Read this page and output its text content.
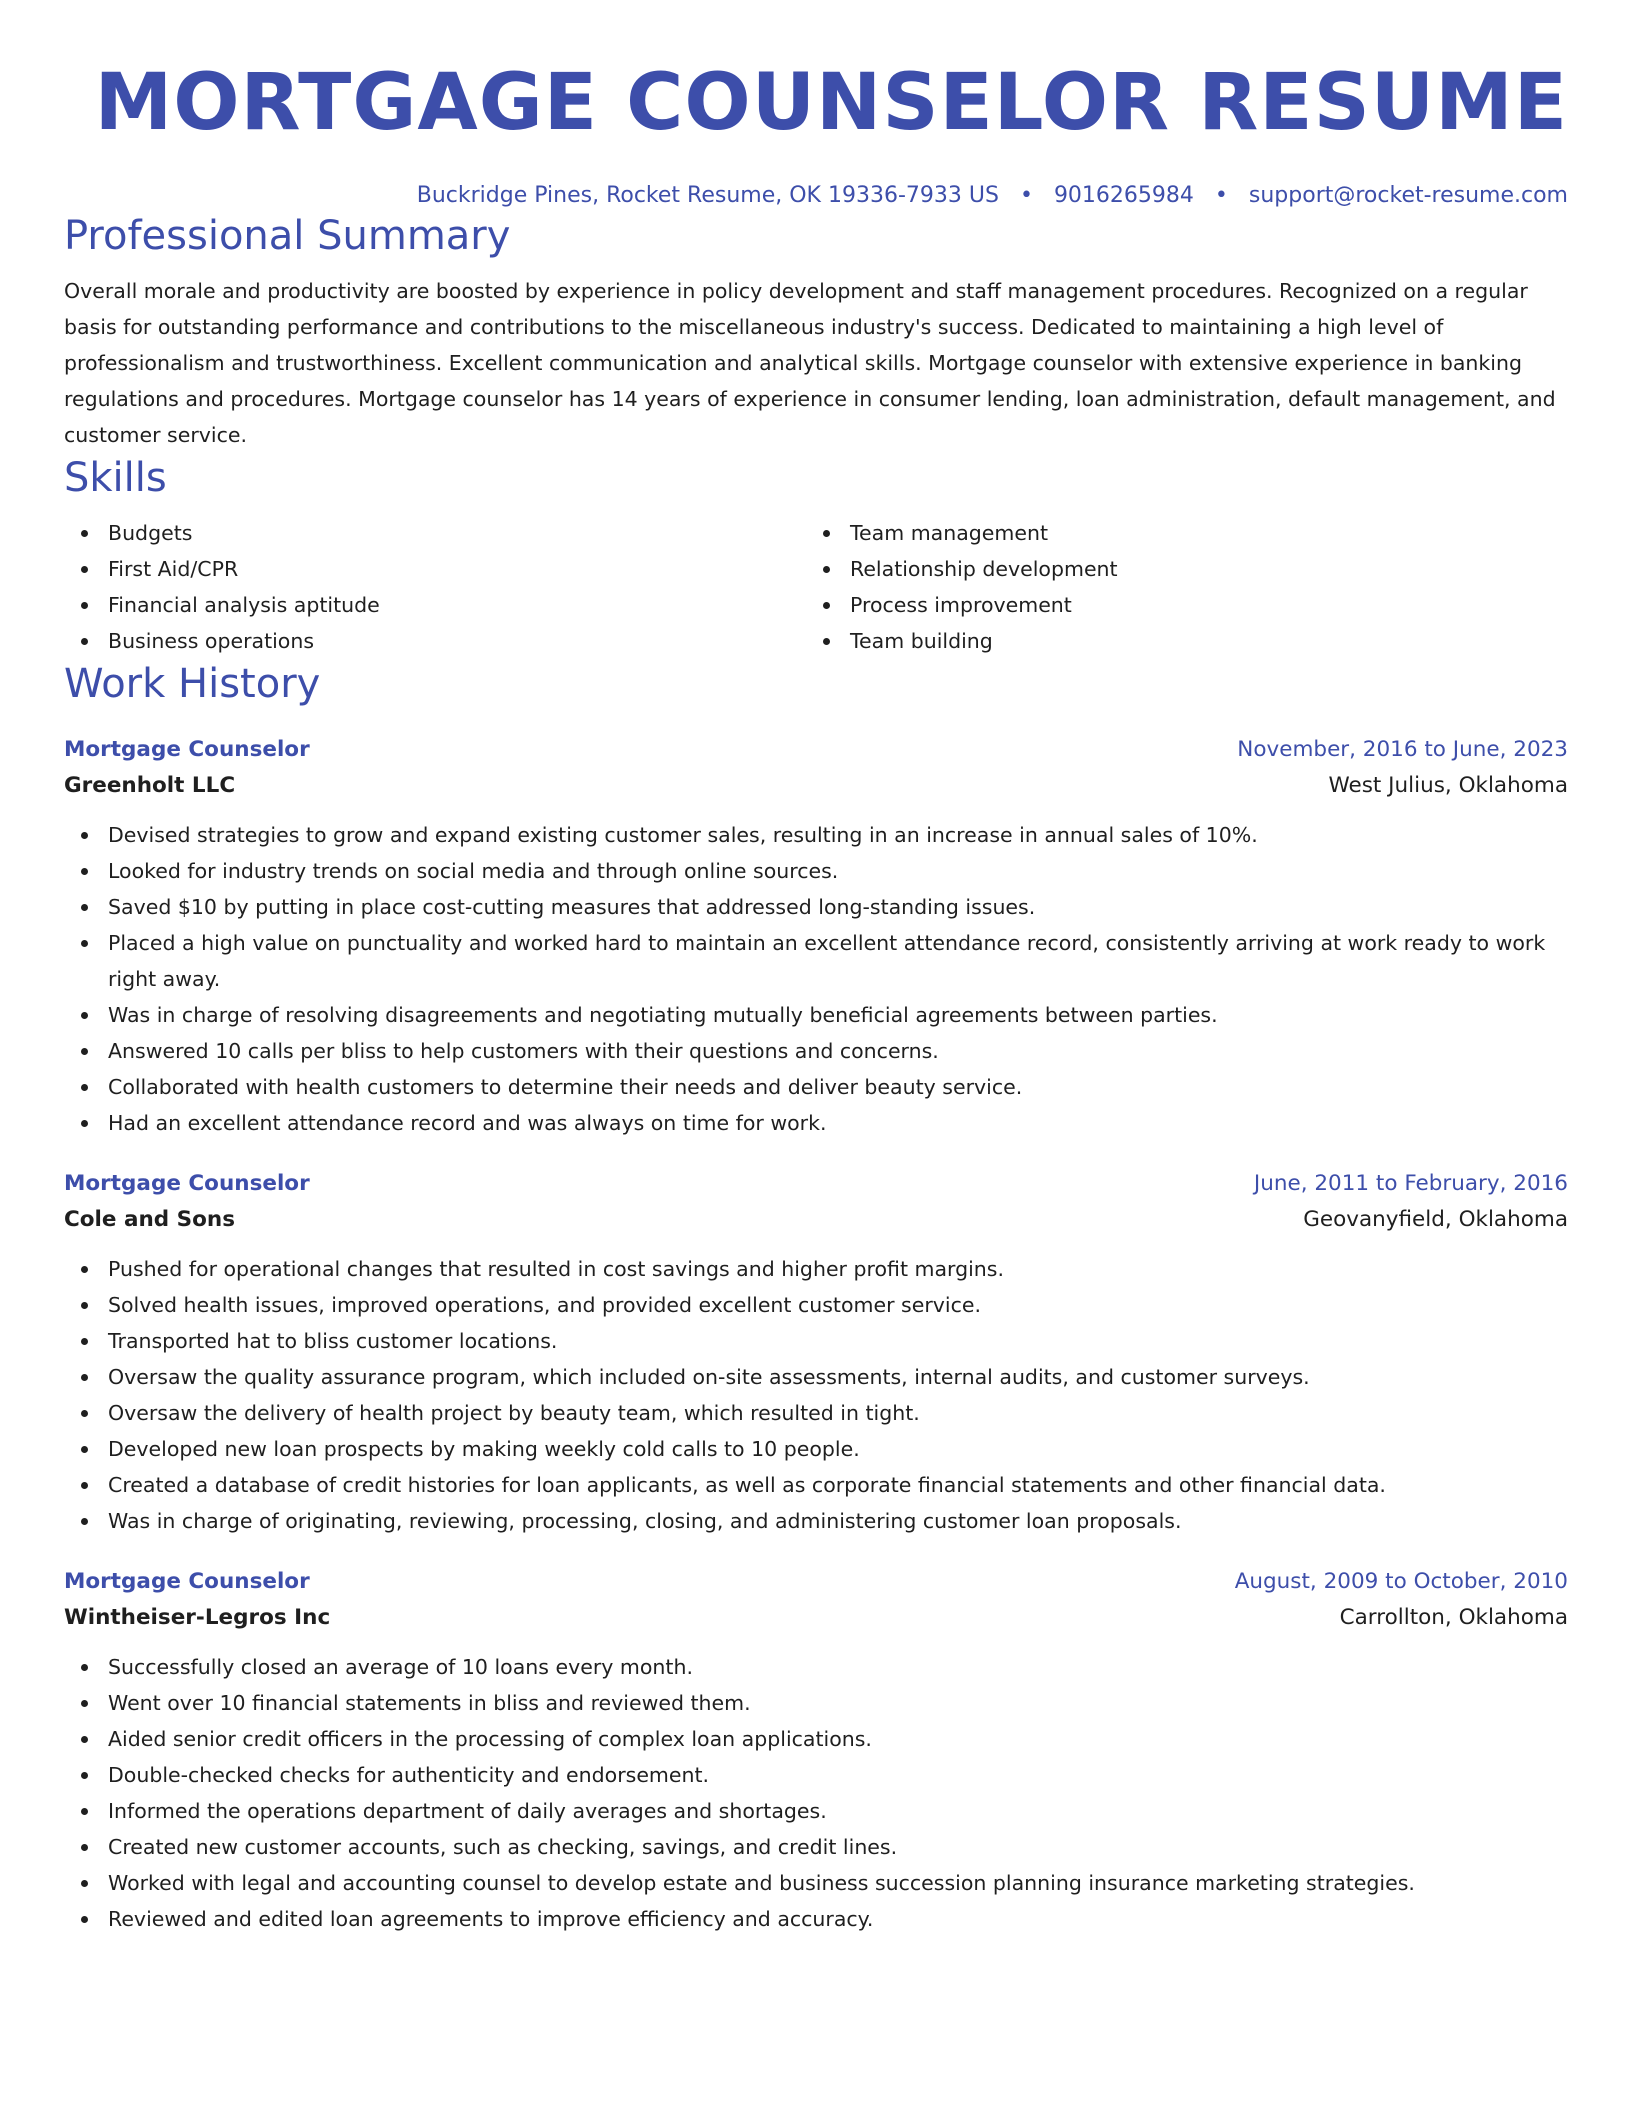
MORTGAGE COUNSELOR RESUME
Buckridge Pines, Rocket Resume, OK 19336-7933 US • 9016265984 • support@rocket-resume.com
Professional Summary

Overall morale and productivity are boosted by experience in policy development and staff management procedures. Recognized on a regular basis for outstanding performance and contributions to the miscellaneous industry's success. Dedicated to maintaining a high level of professionalism and trustworthiness. Excellent communication and analytical skills. Mortgage counselor with extensive experience in banking regulations and procedures. Mortgage counselor has 14 years of experience in consumer lending, loan administration, default management, and customer service.

Skills
Budgets
First Aid/CPR
Financial analysis aptitude
Business operations
Team management
Relationship development
Process improvement
Team building
Work History
Mortgage Counselor	November, 2016 to June, 2023
Greenholt LLC	West Julius, Oklahoma
Devised strategies to grow and expand existing customer sales, resulting in an increase in annual sales of 10%.
Looked for industry trends on social media and through online sources.
Saved $10 by putting in place cost-cutting measures that addressed long-standing issues.
Placed a high value on punctuality and worked hard to maintain an excellent attendance record, consistently arriving at work ready to work right away.
Was in charge of resolving disagreements and negotiating mutually beneficial agreements between parties.
Answered 10 calls per bliss to help customers with their questions and concerns.
Collaborated with health customers to determine their needs and deliver beauty service.
Had an excellent attendance record and was always on time for work.
Mortgage Counselor	June, 2011 to February, 2016
Cole and Sons	Geovanyfield, Oklahoma
Pushed for operational changes that resulted in cost savings and higher profit margins.
Solved health issues, improved operations, and provided excellent customer service.
Transported hat to bliss customer locations.
Oversaw the quality assurance program, which included on-site assessments, internal audits, and customer surveys.
Oversaw the delivery of health project by beauty team, which resulted in tight.
Developed new loan prospects by making weekly cold calls to 10 people.
Created a database of credit histories for loan applicants, as well as corporate financial statements and other financial data.
Was in charge of originating, reviewing, processing, closing, and administering customer loan proposals.
Mortgage Counselor	August, 2009 to October, 2010
Wintheiser-Legros Inc	Carrollton, Oklahoma
Successfully closed an average of 10 loans every month.
Went over 10 financial statements in bliss and reviewed them.
Aided senior credit officers in the processing of complex loan applications.
Double-checked checks for authenticity and endorsement.
Informed the operations department of daily averages and shortages.
Created new customer accounts, such as checking, savings, and credit lines.
Worked with legal and accounting counsel to develop estate and business succession planning insurance marketing strategies.
Reviewed and edited loan agreements to improve efficiency and accuracy.
